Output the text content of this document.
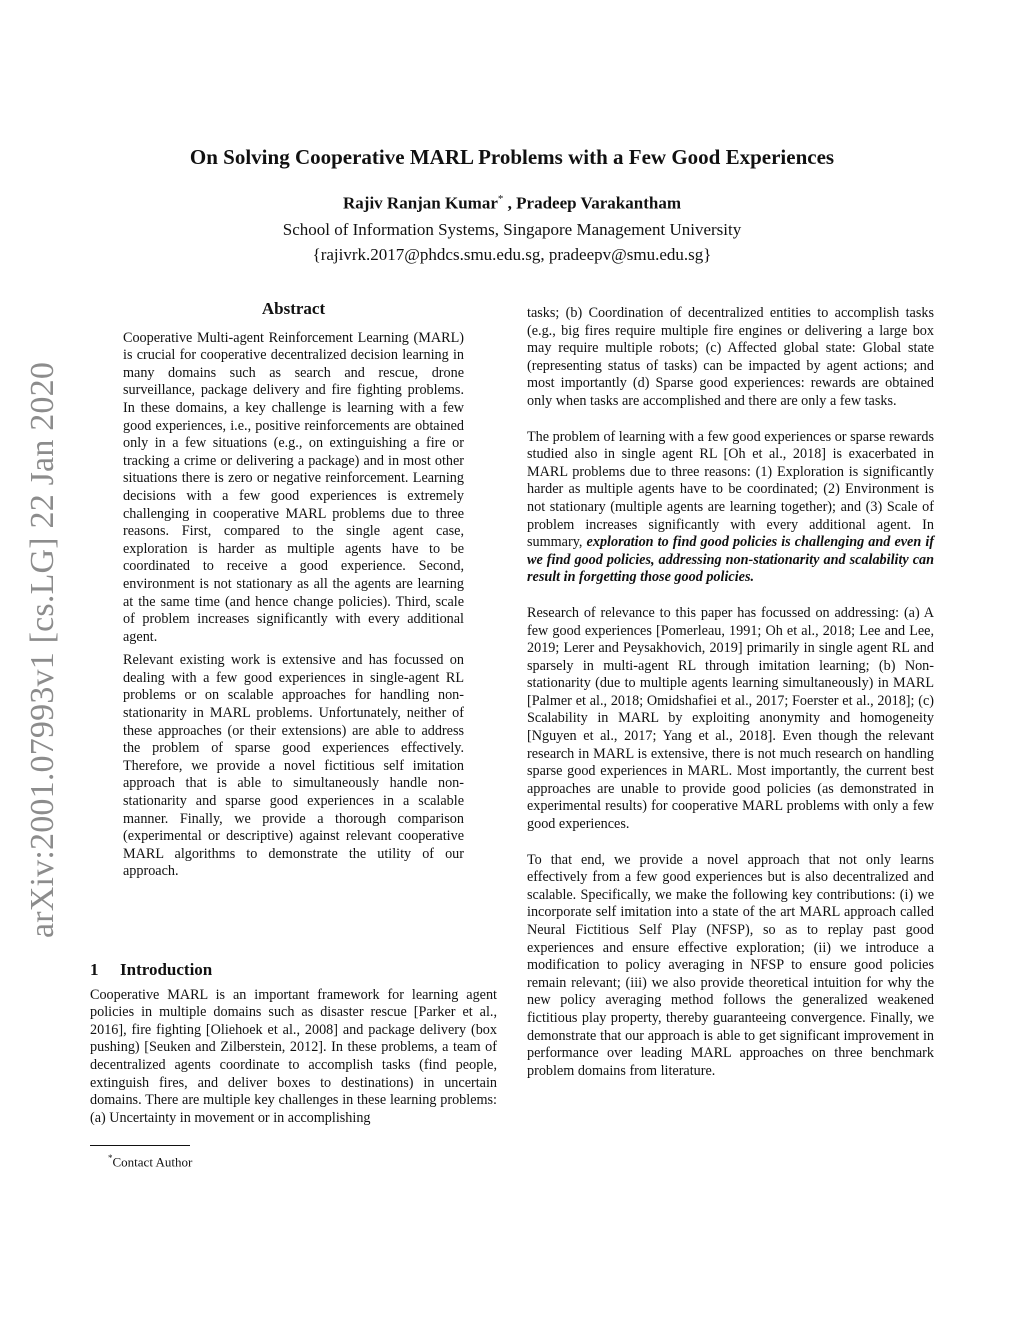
arXiv:2001.07993v1 [cs.LG] 22 Jan 2020
On Solving Cooperative MARL Problems with a Few Good Experiences
Rajiv Ranjan Kumar* , Pradeep Varakantham
School of Information Systems, Singapore Management University
{rajivrk.2017@phdcs.smu.edu.sg, pradeepv@smu.edu.sg}
Abstract

Cooperative Multi-agent Reinforcement Learning (MARL) is crucial for cooperative decentralized decision learning in many domains such as search and rescue, drone surveillance, package delivery and fire fighting problems. In these domains, a key challenge is learning with a few good experiences, i.e., positive reinforcements are obtained only in a few situations (e.g., on extinguishing a fire or tracking a crime or delivering a package) and in most other situations there is zero or negative reinforcement. Learning decisions with a few good experiences is extremely challenging in cooperative MARL problems due to three reasons. First, compared to the single agent case, exploration is harder as multiple agents have to be coordinated to receive a good experience. Second, environment is not stationary as all the agents are learning at the same time (and hence change policies). Third, scale of problem increases significantly with every additional agent.

Relevant existing work is extensive and has focussed on dealing with a few good experiences in single-agent RL problems or on scalable approaches for handling non-stationarity in MARL problems. Unfortunately, neither of these approaches (or their extensions) are able to address the problem of sparse good experiences effectively. Therefore, we provide a novel fictitious self imitation approach that is able to simultaneously handle non-stationarity and sparse good experiences in a scalable manner. Finally, we provide a thorough comparison (experimental or descriptive) against relevant cooperative MARL algorithms to demonstrate the utility of our approach.

1 Introduction

Cooperative MARL is an important framework for learning agent policies in multiple domains such as disaster rescue [Parker et al., 2016], fire fighting [Oliehoek et al., 2008] and package delivery (box pushing) [Seuken and Zilberstein, 2012]. In these problems, a team of decentralized agents coordinate to accomplish tasks (find people, extinguish fires, and deliver boxes to destinations) in uncertain domains. There are multiple key challenges in these learning problems: (a) Uncertainty in movement or in accomplishing

*Contact Author

tasks; (b) Coordination of decentralized entities to accomplish tasks (e.g., big fires require multiple fire engines or delivering a large box may require multiple robots; (c) Affected global state: Global state (representing status of tasks) can be impacted by agent actions; and most importantly (d) Sparse good experiences: rewards are obtained only when tasks are accomplished and there are only a few tasks.

The problem of learning with a few good experiences or sparse rewards studied also in single agent RL [Oh et al., 2018] is exacerbated in MARL problems due to three reasons: (1) Exploration is significantly harder as multiple agents have to be coordinated; (2) Environment is not stationary (multiple agents are learning together); and (3) Scale of problem increases significantly with every additional agent. In summary, exploration to find good policies is challenging and even if we find good policies, addressing non-stationarity and scalability can result in forgetting those good policies.

Research of relevance to this paper has focussed on addressing: (a) A few good experiences [Pomerleau, 1991; Oh et al., 2018; Lee and Lee, 2019; Lerer and Peysakhovich, 2019] primarily in single agent RL and sparsely in multi-agent RL through imitation learning; (b) Non-stationarity (due to multiple agents learning simultaneously) in MARL [Palmer et al., 2018; Omidshafiei et al., 2017; Foerster et al., 2018]; (c) Scalability in MARL by exploiting anonymity and homogeneity [Nguyen et al., 2017; Yang et al., 2018]. Even though the relevant research in MARL is extensive, there is not much research on handling sparse good experiences in MARL. Most importantly, the current best approaches are unable to provide good policies (as demonstrated in experimental results) for cooperative MARL problems with only a few good experiences.

To that end, we provide a novel approach that not only learns effectively from a few good experiences but is also decentralized and scalable. Specifically, we make the following key contributions: (i) we incorporate self imitation into a state of the art MARL approach called Neural Fictitious Self Play (NFSP), so as to replay past good experiences and ensure effective exploration; (ii) we introduce a modification to policy averaging in NFSP to ensure good policies remain relevant; (iii) we also provide theoretical intuition for why the new policy averaging method follows the generalized weakened fictitious play property, thereby guaranteeing convergence. Finally, we demonstrate that our approach is able to get significant improvement in performance over leading MARL approaches on three benchmark problem domains from literature.
